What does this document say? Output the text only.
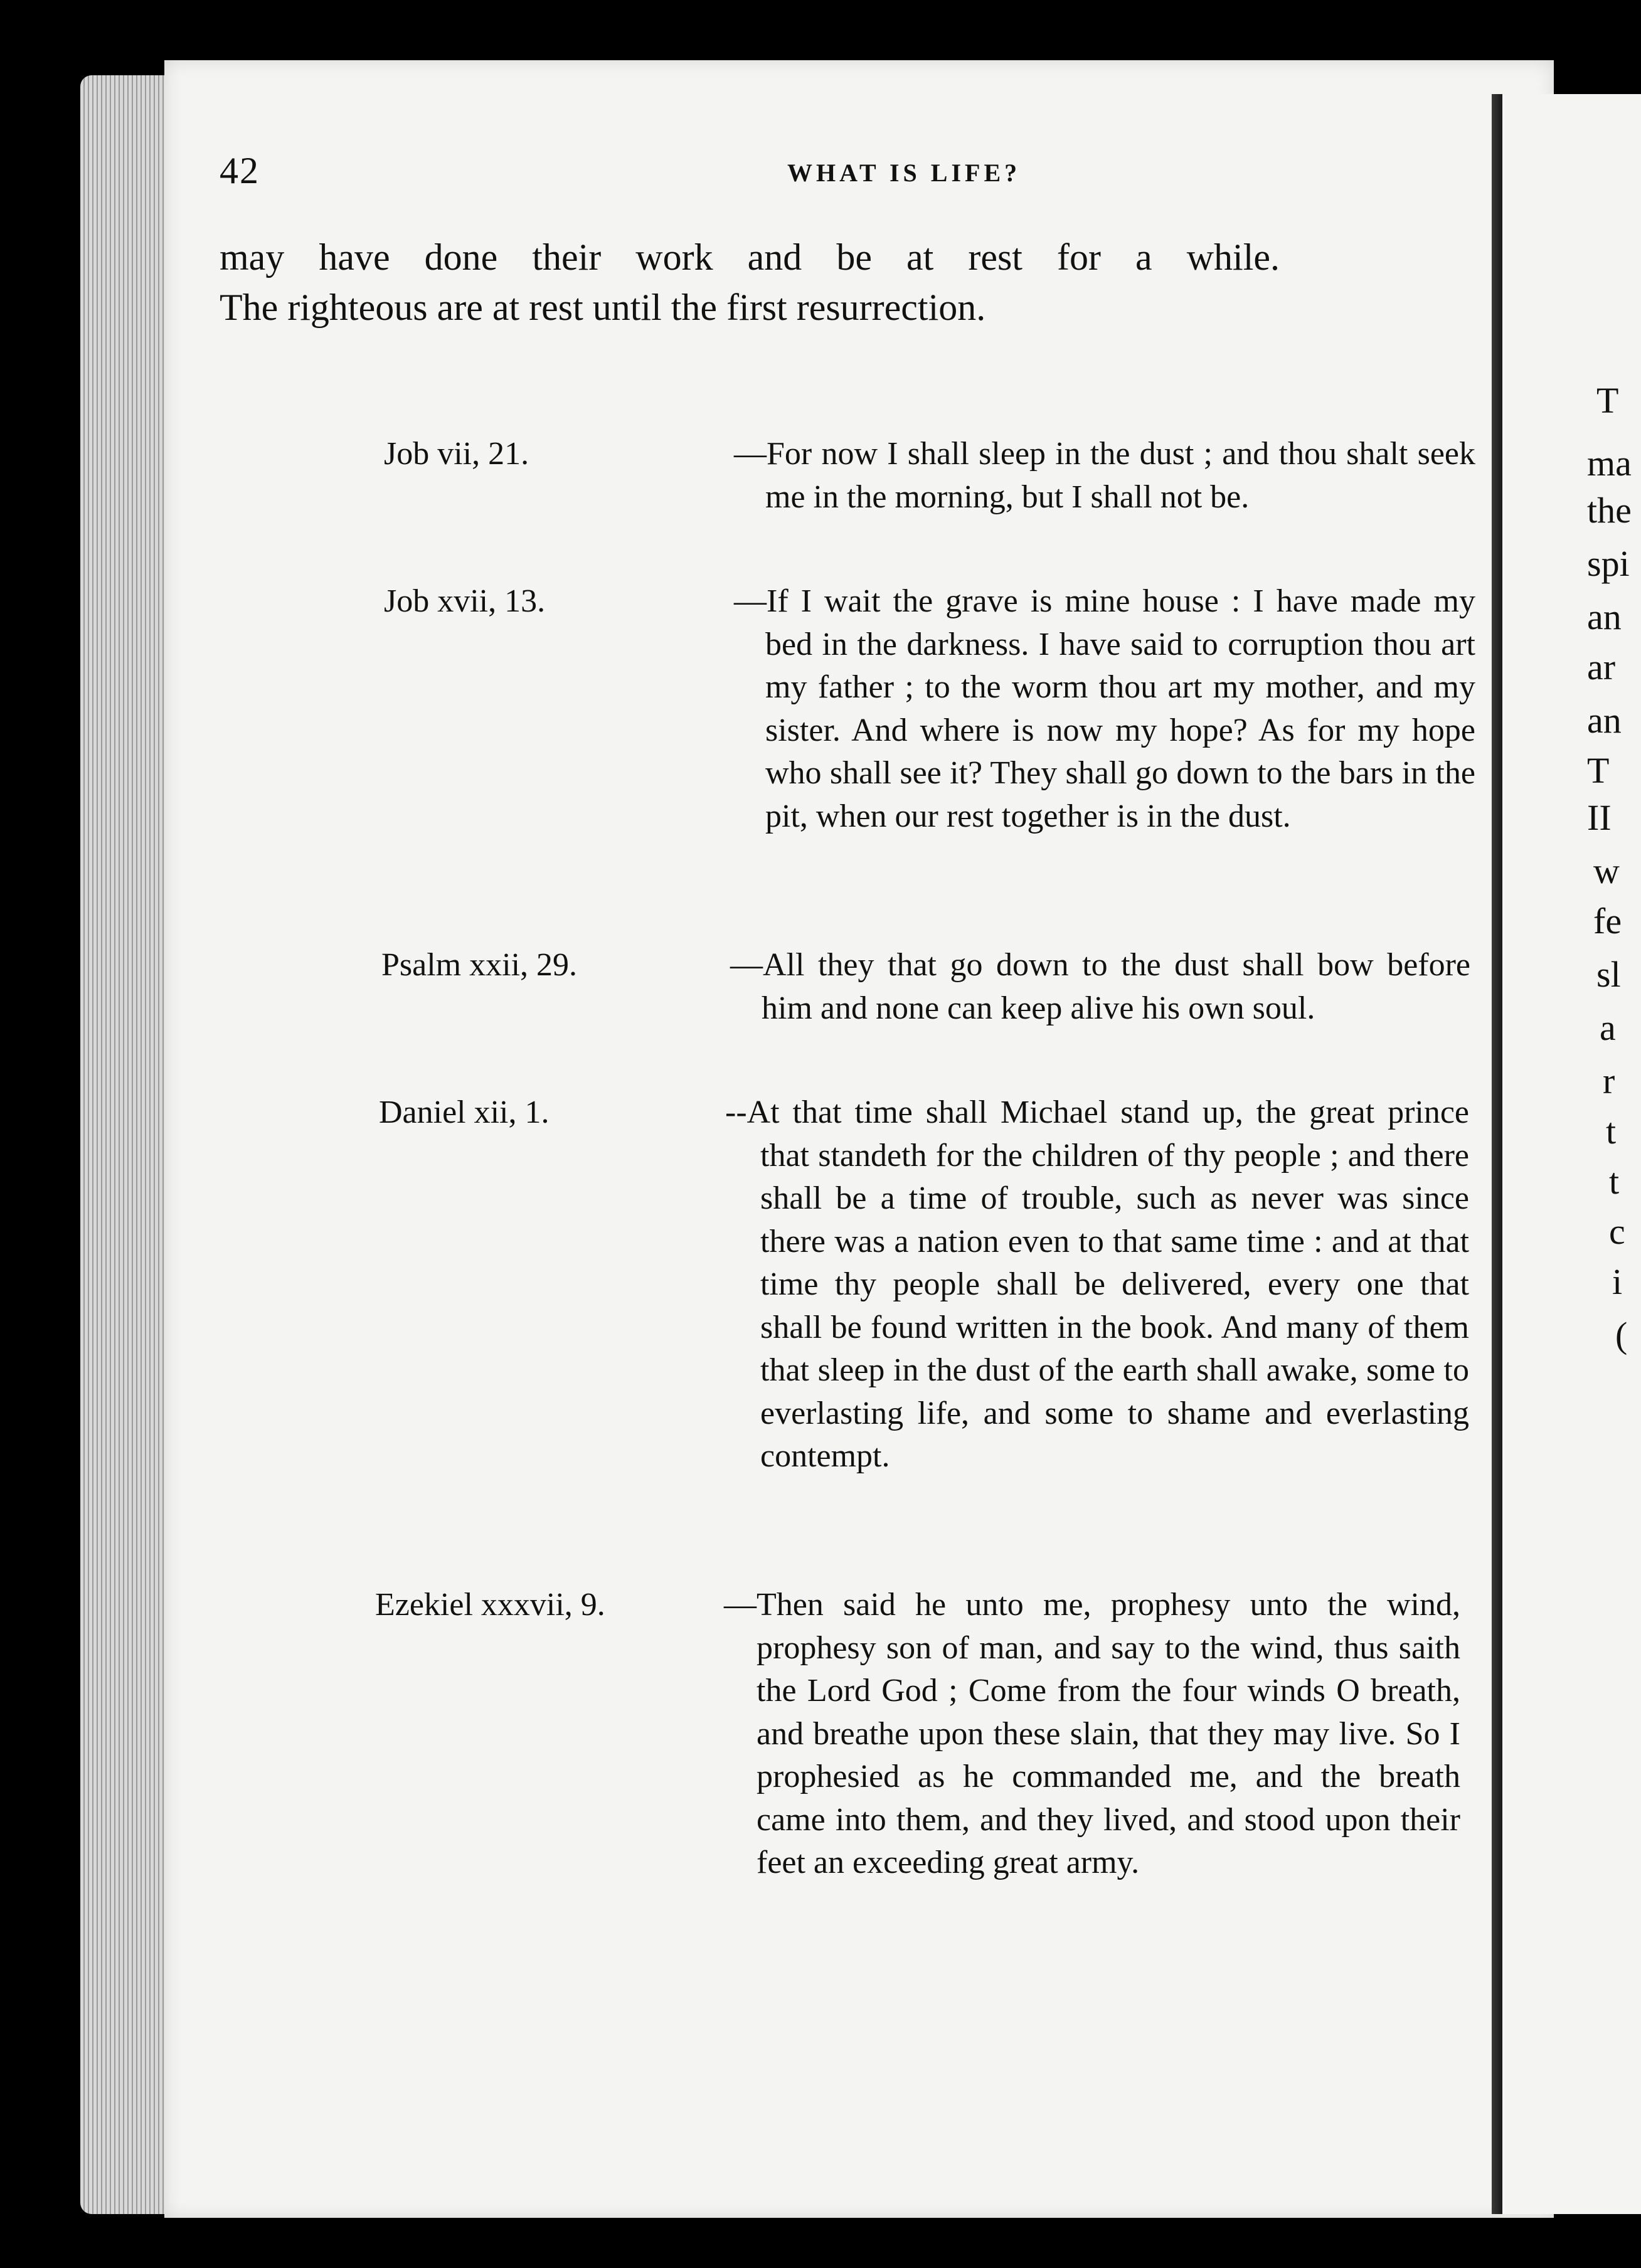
T
ma
the
spi
an
ar
an
T
II
w
fe
sl
a
r
t
t
c
i
(
42	WHAT IS LIFE?
may have done their work and be at rest for a while.
The righteous are at rest until the first resurrection.
Job vii, 21.	—For now I shall sleep in the dust ; and thou shalt seek me in the morning, but I shall not be.
Job xvii, 13.	—If I wait the grave is mine house : I have made my bed in the darkness. I have said to corruption thou art my father ; to the worm thou art my mother, and my sister. And where is now my hope? As for my hope who shall see it? They shall go down to the bars in the pit, when our rest together is in the dust.
Psalm xxii, 29.	—All they that go down to the dust shall bow before him and none can keep alive his own soul.
Daniel xii, 1.	--At that time shall Michael stand up, the great prince that standeth for the children of thy people ; and there shall be a time of trouble, such as never was since there was a nation even to that same time : and at that time thy people shall be delivered, every one that shall be found written in the book. And many of them that sleep in the dust of the earth shall awake, some to everlasting life, and some to shame and everlasting contempt.
Ezekiel xxxvii, 9.	—Then said he unto me, prophesy unto the wind, prophesy son of man, and say to the wind, thus saith the Lord God ; Come from the four winds O breath, and breathe upon these slain, that they may live. So I prophesied as he commanded me, and the breath came into them, and they lived, and stood upon their feet an exceeding great army.
